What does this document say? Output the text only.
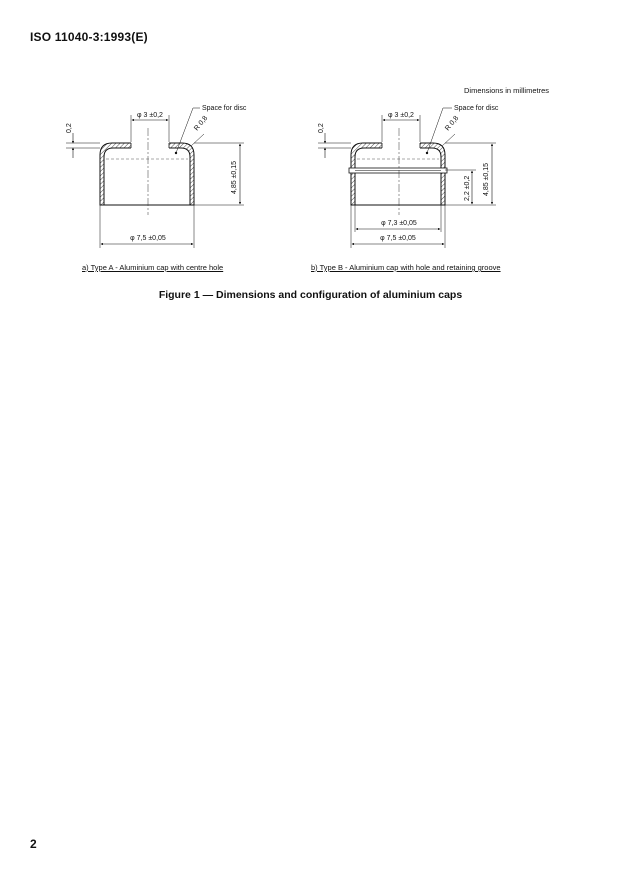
ISO 11040-3:1993(E)
Dimensions in millimetres
φ 3 ±0,2
Space for disc
R 0,8
0,2
4,85 ±0,15
φ 7,5 ±0,05
φ 3 ±0,2
Space for disc
R 0,8
0,2
2,2 ±0,2 4,85 ±0,15
φ 7,3 ±0,05
φ 7,5 ±0,05
a) Type A - Aluminium cap with centre hole	b) Type B - Aluminium cap with hole and retaining groove
Figure 1 — Dimensions and configuration of aluminium caps
2
